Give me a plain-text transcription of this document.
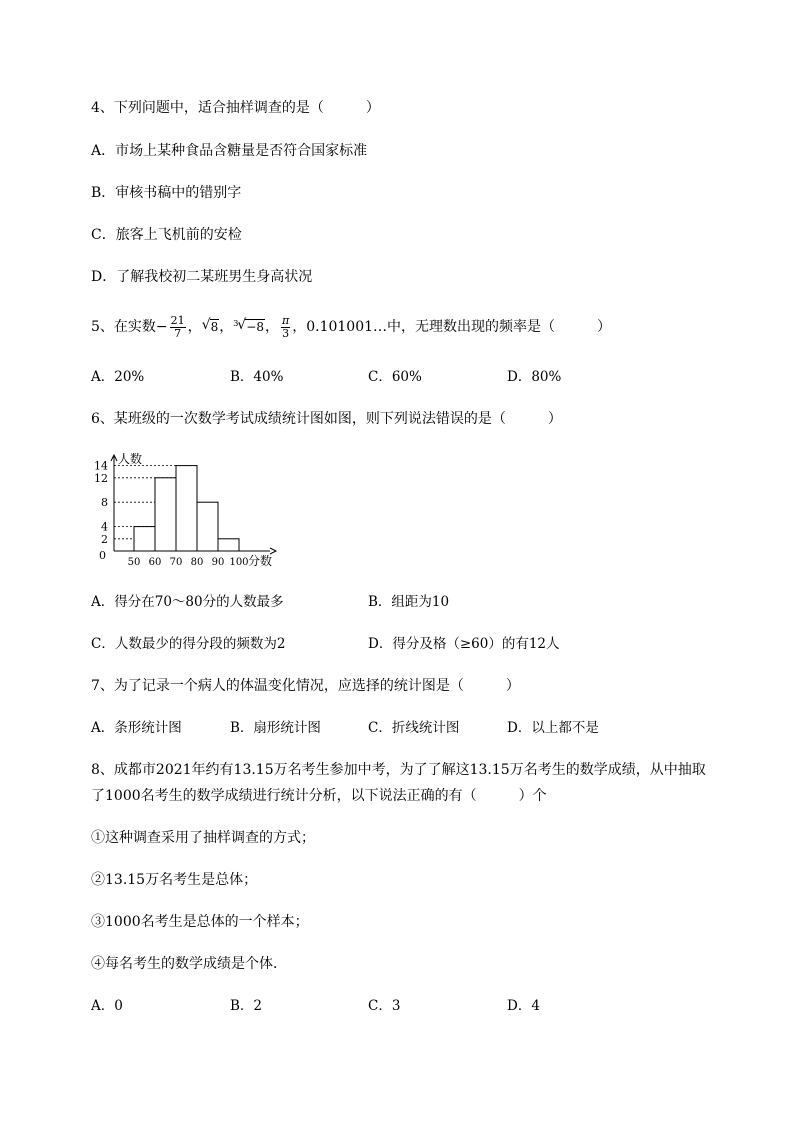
4、下列问题中，适合抽样调查的是（　　　）
A．市场上某种食品含糖量是否符合国家标准
B．审核书稿中的错别字
C．旅客上飞机前的安检
D．了解我校初二某班男生身高状况
5、在实数− $\frac{21}{7}$ ， √ 8， 3
√ −8， $\frac{\pi}{3}$ ，0.101001…中，无理数出现的频率是（　　　）
A．20%	B．40%	C．60%	D．80%
6、某班级的一次数学考试成绩统计图如图，则下列说法错误的是（　　　）
0
2
4
8
12
14
50 60 70 80 90 100
人数
分数
A．得分在70～80分的人数最多	B．组距为10
C．人数最少的得分段的频数为2	D．得分及格（≥60）的有12人
7、为了记录一个病人的体温变化情况，应选择的统计图是（　　　）
A．条形统计图	B．扇形统计图	C．折线统计图	D．以上都不是
8、成都市2021年约有13.15万名考生参加中考，为了了解这13.15万名考生的数学成绩，从中抽取
了1000名考生的数学成绩进行统计分析，以下说法正确的有（　　　）个
①这种调查采用了抽样调查的方式；
②13.15万名考生是总体；
③1000名考生是总体的一个样本；
④每名考生的数学成绩是个体．
A．0	B．2	C．3	D．4
